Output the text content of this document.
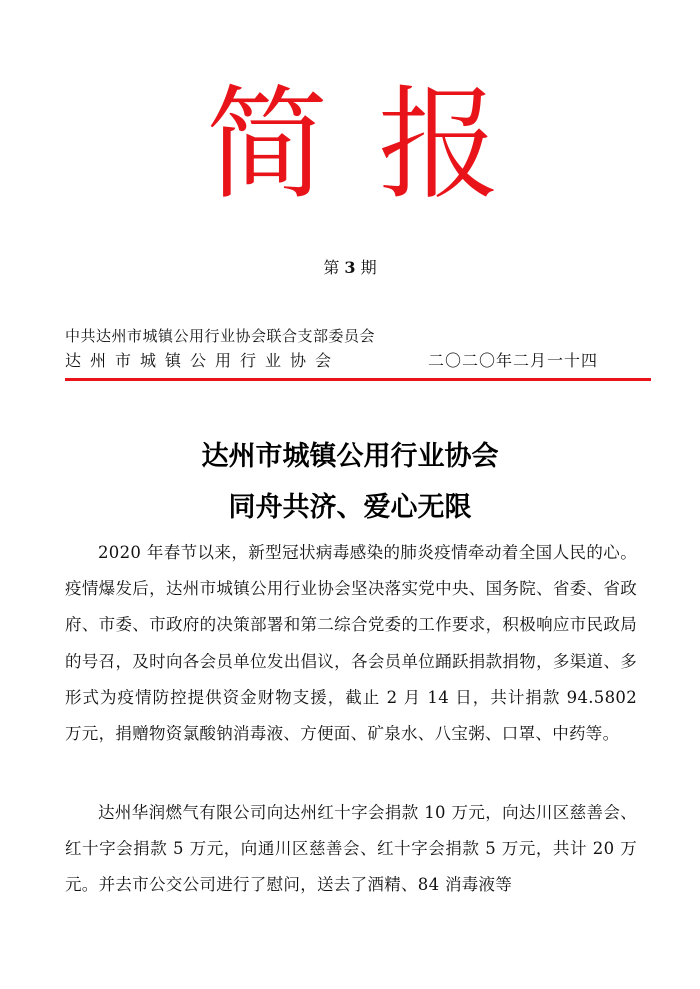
简 报
第 3 期
中共达州市城镇公用行业协会联合支部委员会
达州市城镇公用行业协会	二〇二〇年二月一十四
达州市城镇公用行业协会
同舟共济、爱心无限

2020 年春节以来，新型冠状病毒感染的肺炎疫情牵动着全国人民的心。疫情爆发后，达州市城镇公用行业协会坚决落实党中央、国务院、省委、省政府、市委、市政府的决策部署和第二综合党委的工作要求，积极响应市民政局的号召，及时向各会员单位发出倡议，各会员单位踊跃捐款捐物，多渠道、多形式为疫情防控提供资金财物支援，截止 2 月 14 日，共计捐款 94.5802 万元，捐赠物资氯酸钠消毒液、方便面、矿泉水、八宝粥、口罩、中药等。

达州华润燃气有限公司向达州红十字会捐款 10 万元，向达川区慈善会、红十字会捐款 5 万元，向通川区慈善会、红十字会捐款 5 万元，共计 20 万元。并去市公交公司进行了慰问，送去了酒精、84 消毒液等
